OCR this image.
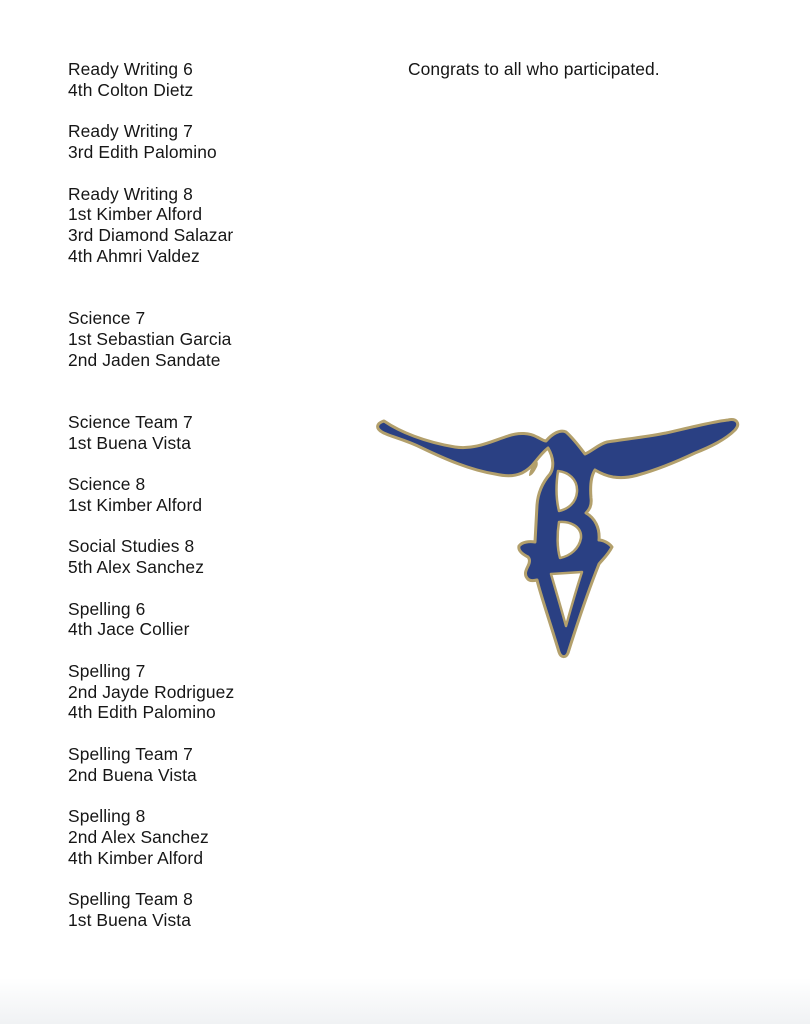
Ready Writing 6
4th Colton Dietz
Ready Writing 7
3rd Edith Palomino
Ready Writing 8
1st Kimber Alford
3rd Diamond Salazar
4th Ahmri Valdez
Science 7
1st Sebastian Garcia
2nd Jaden Sandate
Science Team 7
1st Buena Vista
Science 8
1st Kimber Alford
Social Studies 8
5th Alex Sanchez
Spelling 6
4th Jace Collier
Spelling 7
2nd Jayde Rodriguez
4th Edith Palomino
Spelling Team 7
2nd Buena Vista
Spelling 8
2nd Alex Sanchez
4th Kimber Alford
Spelling Team 8
1st Buena Vista
Congrats to all who participated.
